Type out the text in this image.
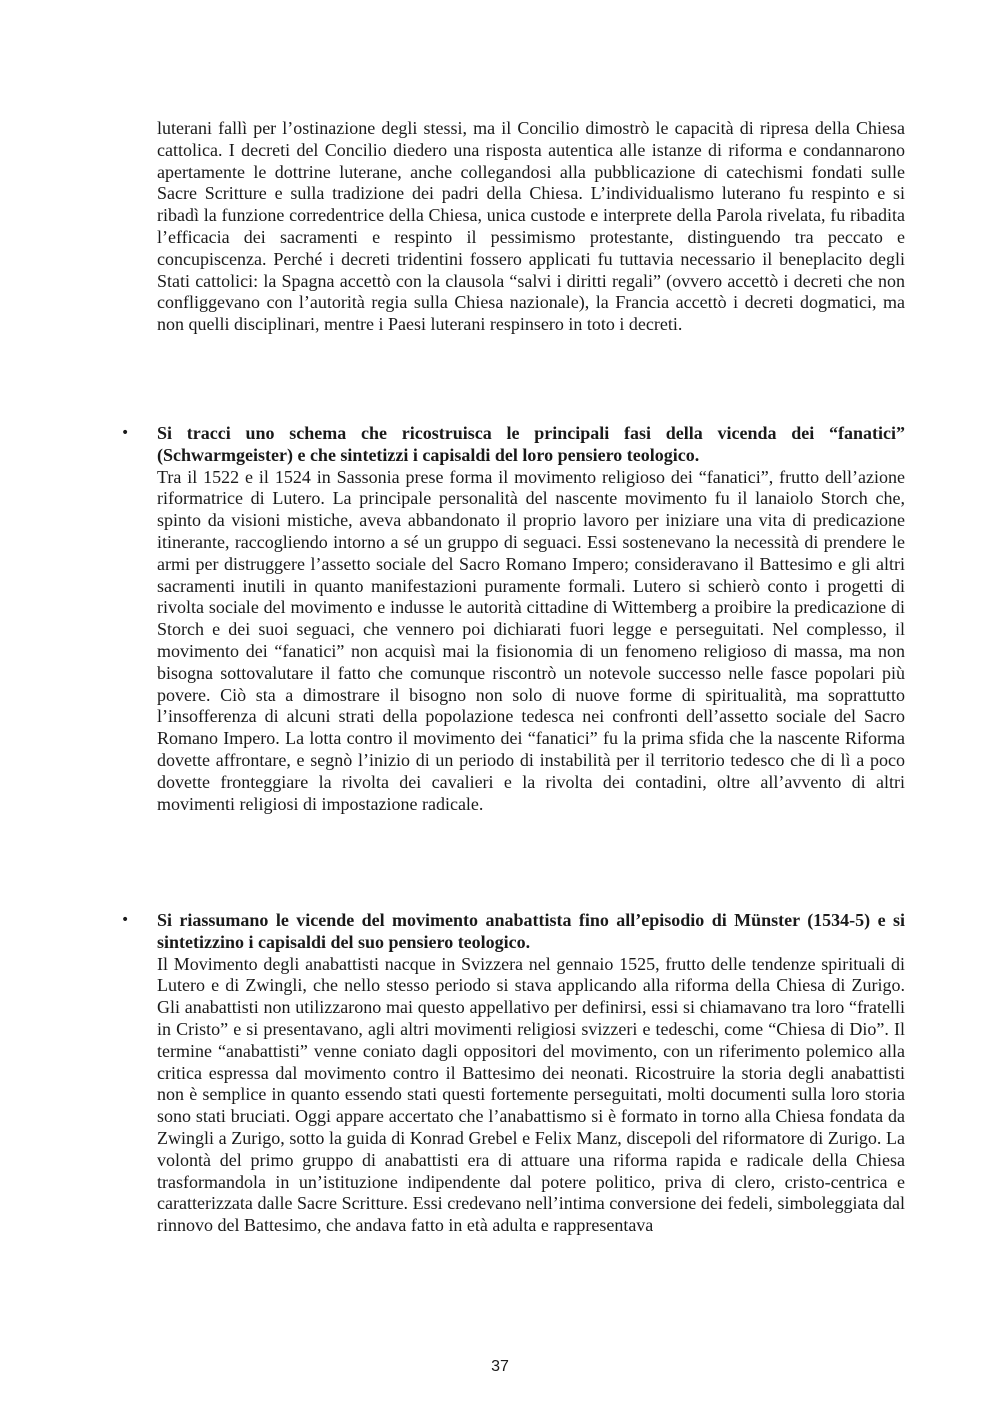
luterani fallì per l’ostinazione degli stessi, ma il Concilio dimostrò le capacità di ripresa della Chiesa cattolica. I decreti del Concilio diedero una risposta autentica alle istanze di riforma e condannarono apertamente le dottrine luterane, anche collegandosi alla pubblicazione di catechismi fondati sulle Sacre Scritture e sulla tradizione dei padri della Chiesa. L’individualismo luterano fu respinto e si ribadì la funzione corredentrice della Chiesa, unica custode e interprete della Parola rivelata, fu ribadita l’efficacia dei sacramenti e respinto il pessimismo protestante, distinguendo tra peccato e concupiscenza. Perché i decreti tridentini fossero applicati fu tuttavia necessario il beneplacito degli Stati cattolici: la Spagna accettò con la clausola “salvi i diritti regali” (ovvero accettò i decreti che non confliggevano con l’autorità regia sulla Chiesa nazionale), la Francia accettò i decreti dogmatici, ma non quelli disciplinari, mentre i Paesi luterani respinsero in toto i decreti.

• Si tracci uno schema che ricostruisca le principali fasi della vicenda dei “fanatici” (Schwarmgeister) e che sintetizzi i capisaldi del loro pensiero teologico.

Tra il 1522 e il 1524 in Sassonia prese forma il movimento religioso dei “fanatici”, frutto dell’azione riformatrice di Lutero. La principale personalità del nascente movimento fu il lanaiolo Storch che, spinto da visioni mistiche, aveva abbandonato il proprio lavoro per iniziare una vita di predicazione itinerante, raccogliendo intorno a sé un gruppo di seguaci. Essi sostenevano la necessità di prendere le armi per distruggere l’assetto sociale del Sacro Romano Impero; consideravano il Battesimo e gli altri sacramenti inutili in quanto manifestazioni puramente formali. Lutero si schierò conto i progetti di rivolta sociale del movimento e indusse le autorità cittadine di Wittemberg a proibire la predicazione di Storch e dei suoi seguaci, che vennero poi dichiarati fuori legge e perseguitati. Nel complesso, il movimento dei “fanatici” non acquisì mai la fisionomia di un fenomeno religioso di massa, ma non bisogna sottovalutare il fatto che comunque riscontrò un notevole successo nelle fasce popolari più povere. Ciò sta a dimostrare il bisogno non solo di nuove forme di spiritualità, ma soprattutto l’insofferenza di alcuni strati della popolazione tedesca nei confronti dell’assetto sociale del Sacro Romano Impero. La lotta contro il movimento dei “fanatici” fu la prima sfida che la nascente Riforma dovette affrontare, e segnò l’inizio di un periodo di instabilità per il territorio tedesco che di lì a poco dovette fronteggiare la rivolta dei cavalieri e la rivolta dei contadini, oltre all’avvento di altri movimenti religiosi di impostazione radicale.

• Si riassumano le vicende del movimento anabattista fino all’episodio di Münster (1534-5) e si sintetizzino i capisaldi del suo pensiero teologico.

Il Movimento degli anabattisti nacque in Svizzera nel gennaio 1525, frutto delle tendenze spirituali di Lutero e di Zwingli, che nello stesso periodo si stava applicando alla riforma della Chiesa di Zurigo. Gli anabattisti non utilizzarono mai questo appellativo per definirsi, essi si chiamavano tra loro “fratelli in Cristo” e si presentavano, agli altri movimenti religiosi svizzeri e tedeschi, come “Chiesa di Dio”. Il termine “anabattisti” venne coniato dagli oppositori del movimento, con un riferimento polemico alla critica espressa dal movimento contro il Battesimo dei neonati. Ricostruire la storia degli anabattisti non è semplice in quanto essendo stati questi fortemente perseguitati, molti documenti sulla loro storia sono stati bruciati. Oggi appare accertato che l’anabattismo si è formato in torno alla Chiesa fondata da Zwingli a Zurigo, sotto la guida di Konrad Grebel e Felix Manz, discepoli del riformatore di Zurigo. La volontà del primo gruppo di anabattisti era di attuare una riforma rapida e radicale della Chiesa trasformandola in un’istituzione indipendente dal potere politico, priva di clero, cristo-centrica e caratterizzata dalle Sacre Scritture. Essi credevano nell’intima conversione dei fedeli, simboleggiata dal rinnovo del Battesimo, che andava fatto in età adulta e rappresentava

37
